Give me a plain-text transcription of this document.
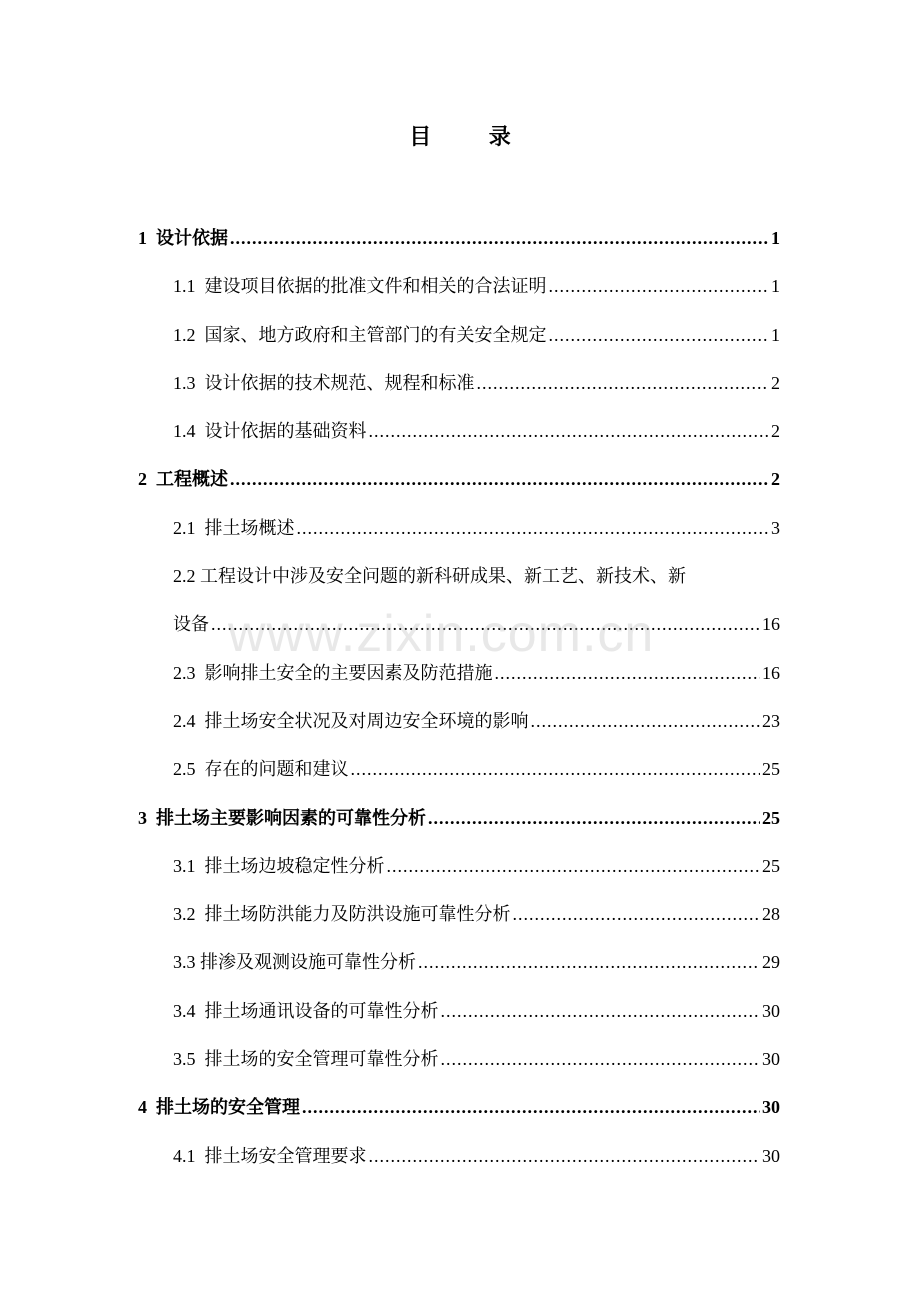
目 录
1 设计依据 .....	1
1.1 建设项目依据的批准文件和相关的合法证明 .....	1
1.2 国家、地方政府和主管部门的有关安全规定 .....	1
1.3 设计依据的技术规范、规程和标准 .....	2
1.4 设计依据的基础资料 .....	2
2 工程概述 .....	2
2.1 排土场概述 .....	3
2.2 工程设计中涉及安全问题的新科研成果、新工艺、新技术、新
设备 .....	16
2.3 影响排土安全的主要因素及防范措施 .....	16
2.4 排土场安全状况及对周边安全环境的影响 .....	23
2.5 存在的问题和建议 .....	25
3 排土场主要影响因素的可靠性分析 .....	25
3.1 排土场边坡稳定性分析 .....	25
3.2 排土场防洪能力及防洪设施可靠性分析 .....	28
3.3 排渗及观测设施可靠性分析 .....	29
3.4 排土场通讯设备的可靠性分析 .....	30
3.5 排土场的安全管理可靠性分析 .....	30
4 排土场的安全管理 .....	30
4.1 排土场安全管理要求 .....	30
www.zixin.com.cn
